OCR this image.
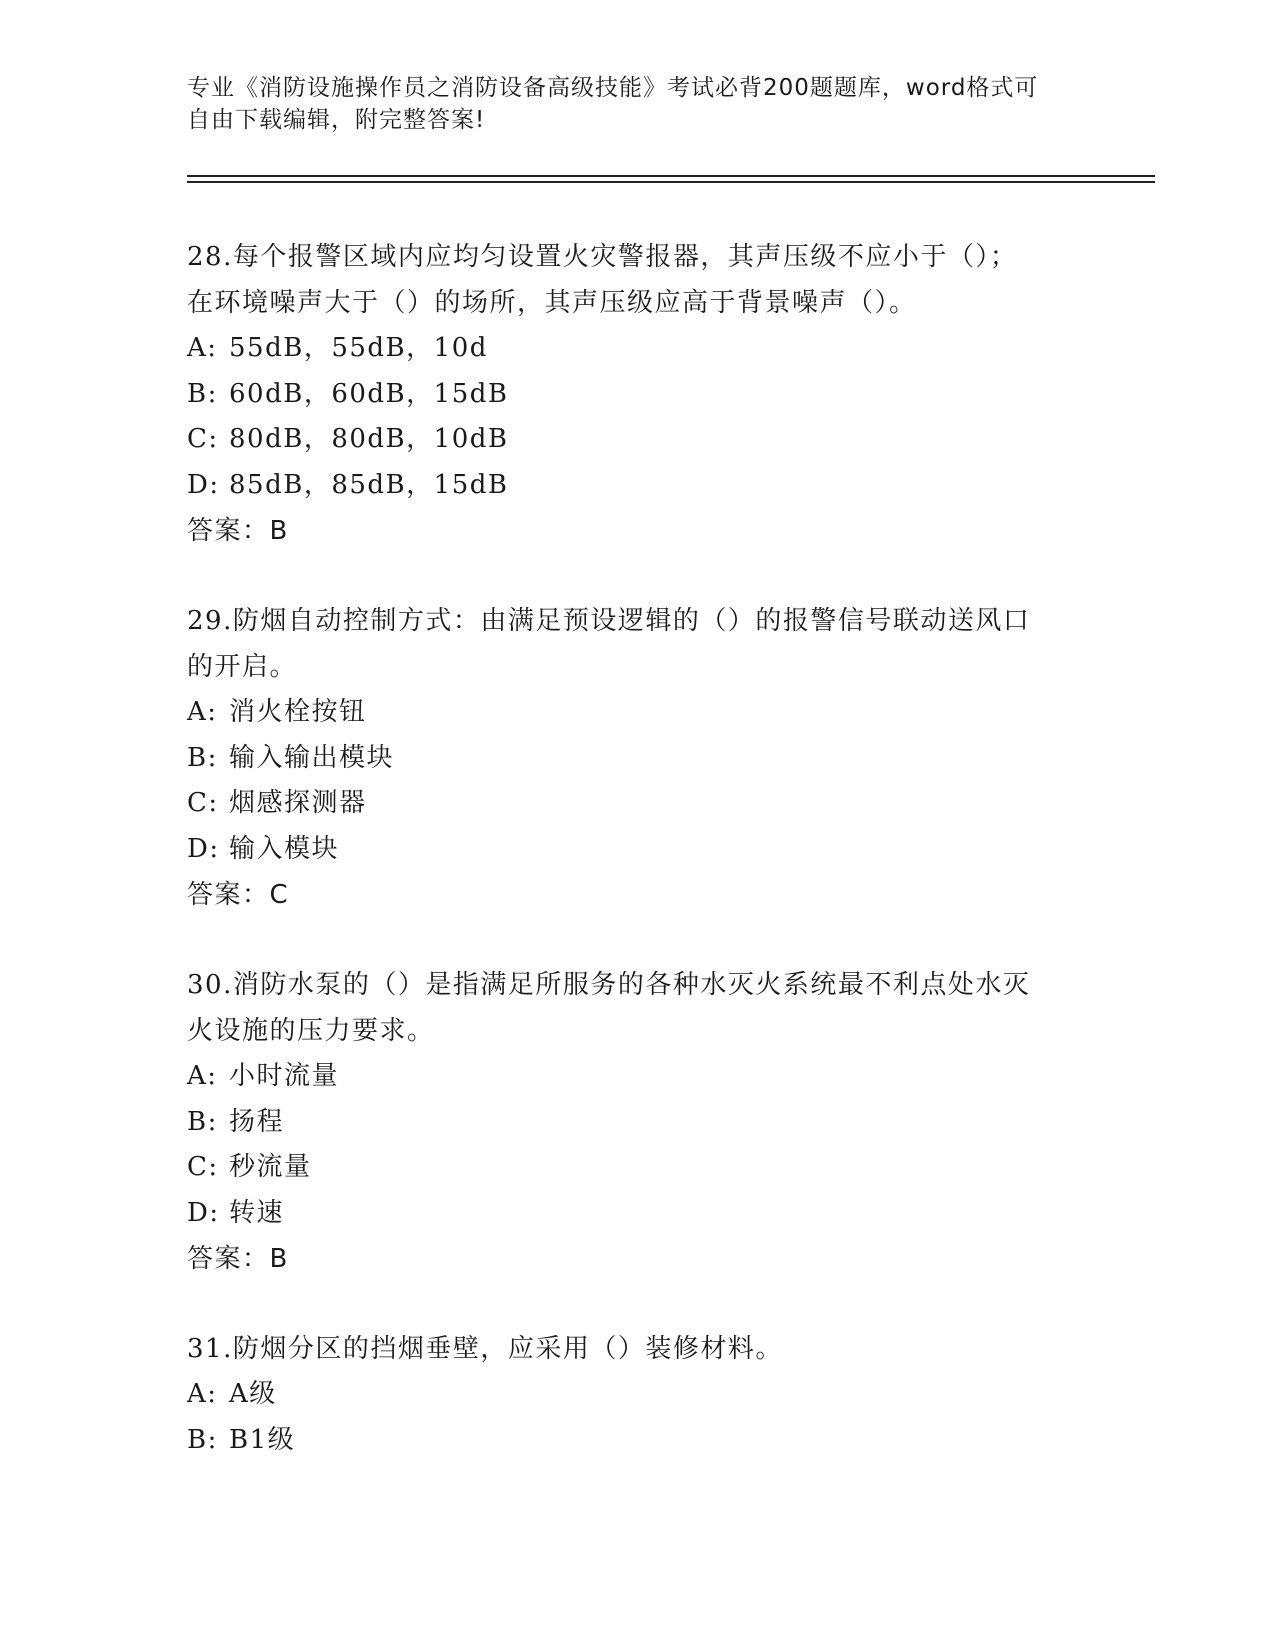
专业《消防设施操作员之消防设备高级技能》考试必背200题题库，word格式可
自由下载编辑，附完整答案!

28.每个报警区域内应均匀设置火灾警报器，其声压级不应小于（）；

在环境噪声大于（）的场所，其声压级应高于背景噪声（）。

A: 55dB，55dB，10d

B: 60dB，60dB，15dB

C: 80dB，80dB，10dB

D: 85dB，85dB，15dB

答案：B

29.防烟自动控制方式：由满足预设逻辑的（）的报警信号联动送风口

的开启。

A: 消火栓按钮

B: 输入输出模块

C: 烟感探测器

D: 输入模块

答案：C

30.消防水泵的（）是指满足所服务的各种水灭火系统最不利点处水灭

火设施的压力要求。

A: 小时流量

B: 扬程

C: 秒流量

D: 转速

答案：B

31.防烟分区的挡烟垂壁，应采用（）装修材料。

A: A级

B: B1级
